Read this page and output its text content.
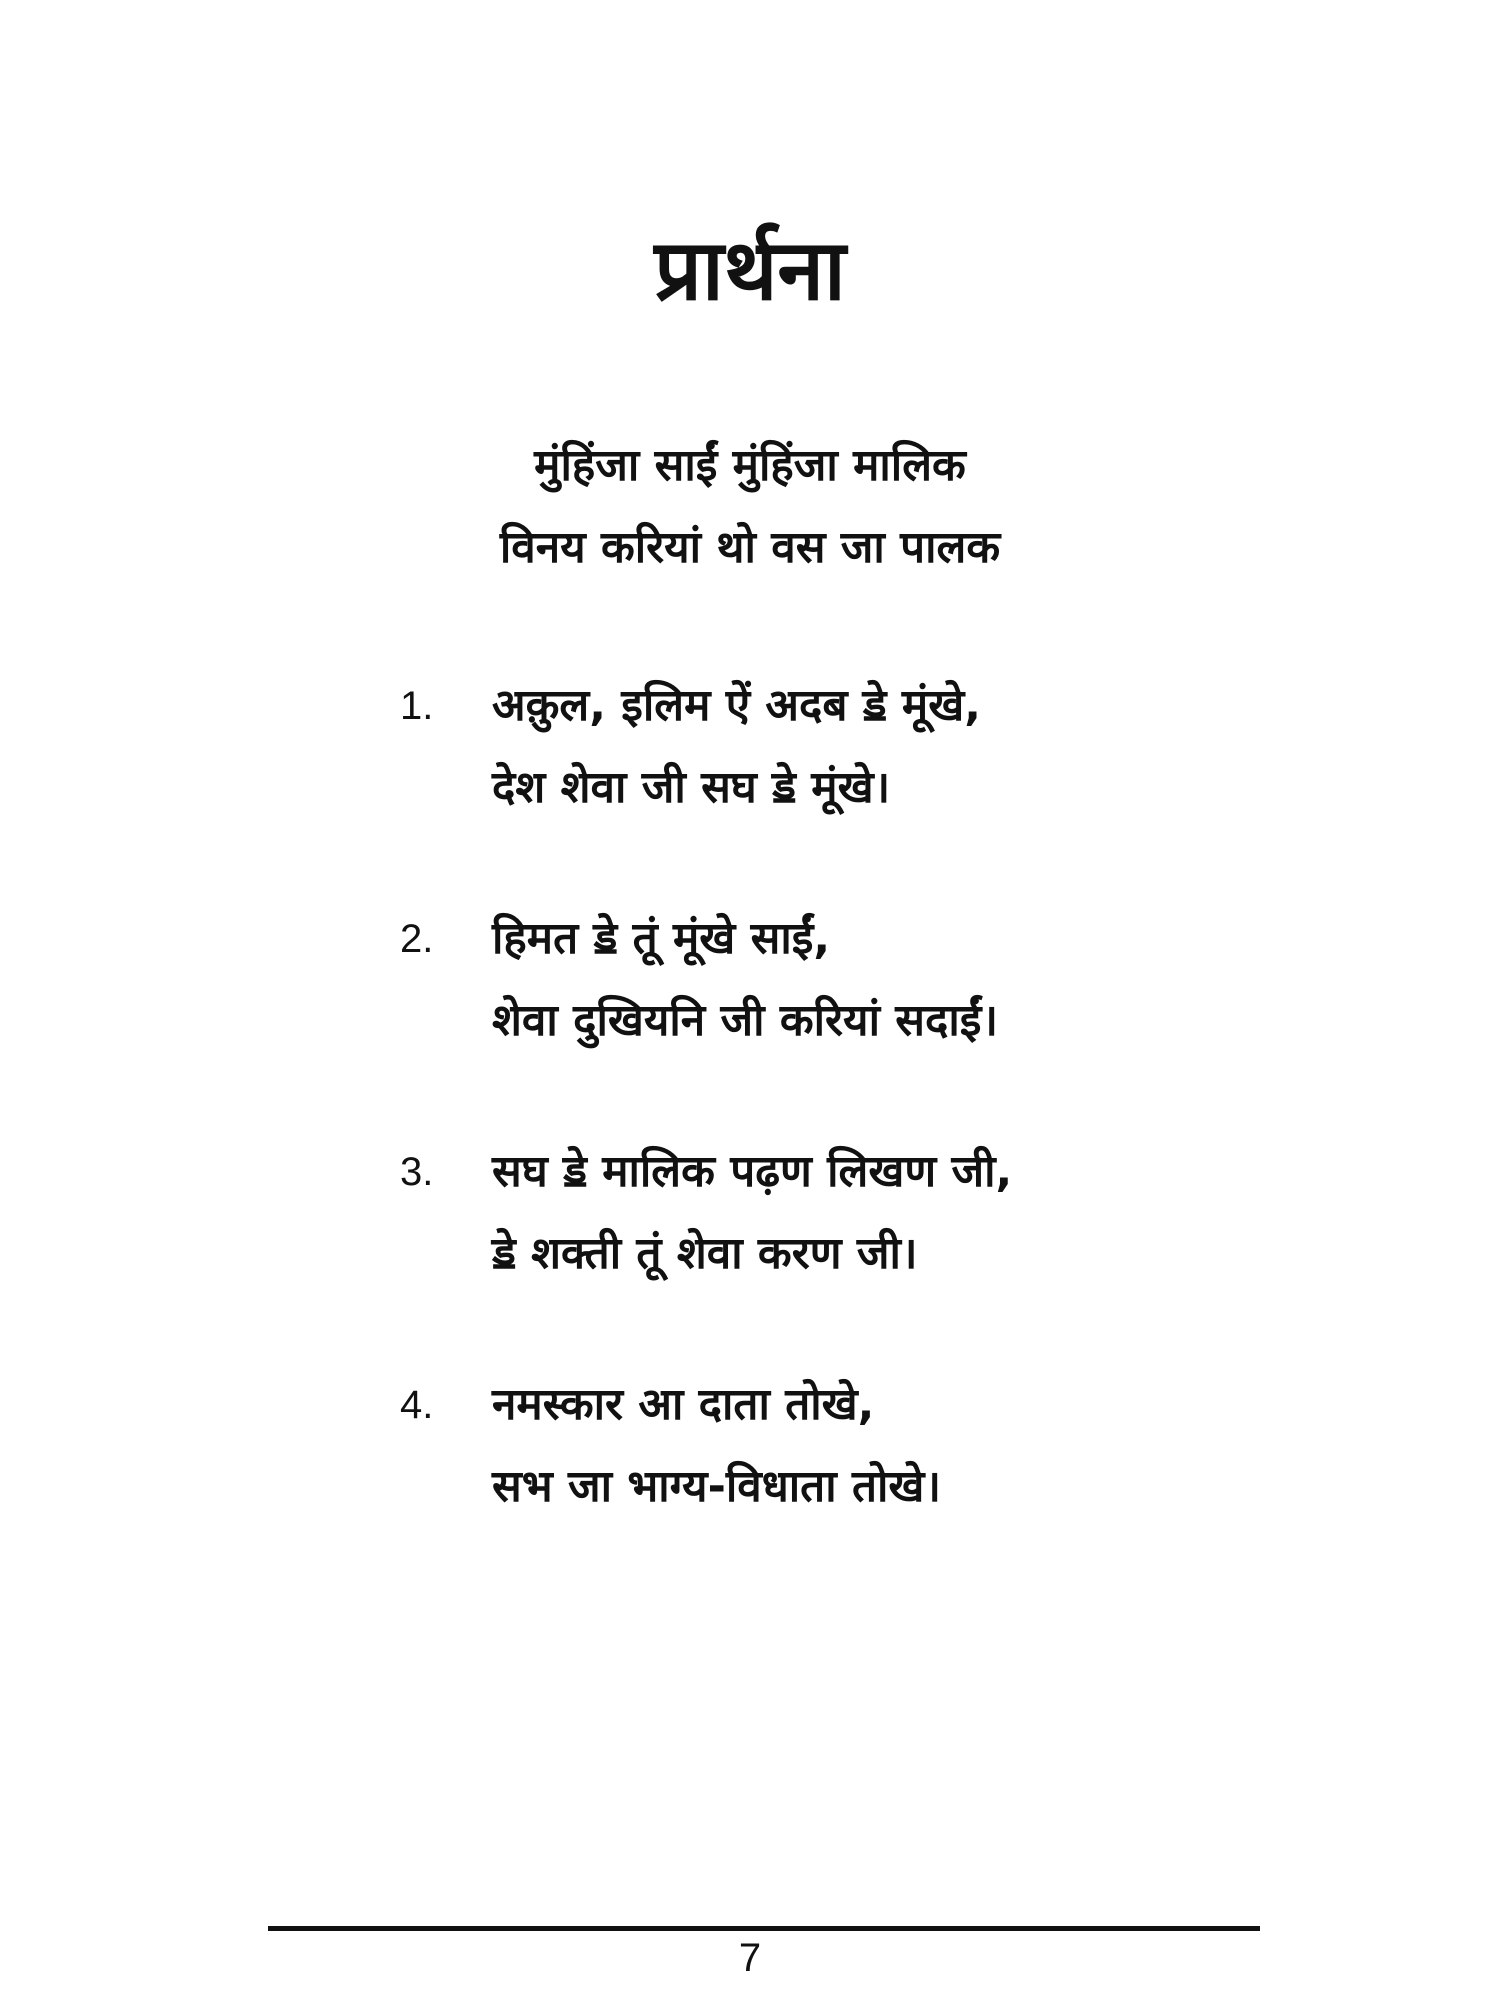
प्रार्थना
मुंहिंजा साईं मुंहिंजा मालिक
विनय करियां थो वस जा पालक
1. अक़ुल, इलिम ऐं अदब ॾे मूंखे,
देश शेवा जी सघ ॾे मूंखे।
2. हिमत ॾे तूं मूंखे साईं,
शेवा दुखियनि जी करियां सदाईं।
3. सघ ॾे मालिक पढ़ण लिखण जी,
ॾे शक्ती तूं शेवा करण जी।
4. नमस्कार आ दाता तोखे,
सभ जा भाग्य-विधाता तोखे।
7
